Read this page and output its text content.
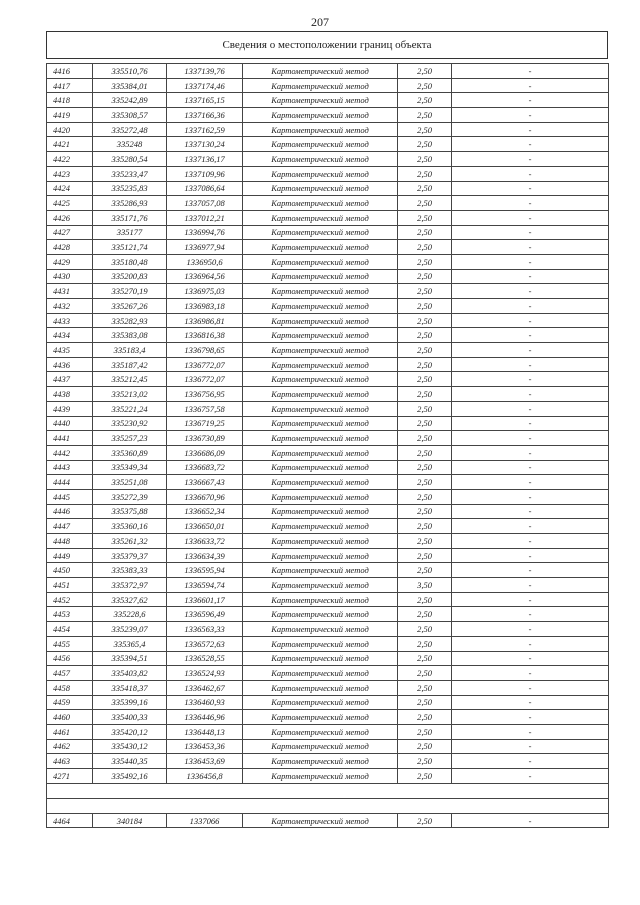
207
Сведения о местоположении границ объекта
4416	335510,76	1337139,76	Картометрический метод	2,50	-
4417	335384,01	1337174,46	Картометрический метод	2,50	-
4418	335242,89	1337165,15	Картометрический метод	2,50	-
4419	335308,57	1337166,36	Картометрический метод	2,50	-
4420	335272,48	1337162,59	Картометрический метод	2,50	-
4421	335248	1337130,24	Картометрический метод	2,50	-
4422	335280,54	1337136,17	Картометрический метод	2,50	-
4423	335233,47	1337109,96	Картометрический метод	2,50	-
4424	335235,83	1337086,64	Картометрический метод	2,50	-
4425	335286,93	1337057,08	Картометрический метод	2,50	-
4426	335171,76	1337012,21	Картометрический метод	2,50	-
4427	335177	1336994,76	Картометрический метод	2,50	-
4428	335121,74	1336977,94	Картометрический метод	2,50	-
4429	335180,48	1336950,6	Картометрический метод	2,50	-
4430	335200,83	1336964,56	Картометрический метод	2,50	-
4431	335270,19	1336975,03	Картометрический метод	2,50	-
4432	335267,26	1336983,18	Картометрический метод	2,50	-
4433	335282,93	1336986,81	Картометрический метод	2,50	-
4434	335383,08	1336816,38	Картометрический метод	2,50	-
4435	335183,4	1336798,65	Картометрический метод	2,50	-
4436	335187,42	1336772,07	Картометрический метод	2,50	-
4437	335212,45	1336772,07	Картометрический метод	2,50	-
4438	335213,02	1336756,95	Картометрический метод	2,50	-
4439	335221,24	1336757,58	Картометрический метод	2,50	-
4440	335230,92	1336719,25	Картометрический метод	2,50	-
4441	335257,23	1336730,89	Картометрический метод	2,50	-
4442	335360,89	1336686,09	Картометрический метод	2,50	-
4443	335349,34	1336683,72	Картометрический метод	2,50	-
4444	335251,08	1336667,43	Картометрический метод	2,50	-
4445	335272,39	1336670,96	Картометрический метод	2,50	-
4446	335375,88	1336652,34	Картометрический метод	2,50	-
4447	335360,16	1336650,01	Картометрический метод	2,50	-
4448	335261,32	1336633,72	Картометрический метод	2,50	-
4449	335379,37	1336634,39	Картометрический метод	2,50	-
4450	335383,33	1336595,94	Картометрический метод	2,50	-
4451	335372,97	1336594,74	Картометрический метод	3,50	-
4452	335327,62	1336601,17	Картометрический метод	2,50	-
4453	335228,6	1336596,49	Картометрический метод	2,50	-
4454	335239,07	1336563,33	Картометрический метод	2,50	-
4455	335365,4	1336572,63	Картометрический метод	2,50	-
4456	335394,51	1336528,55	Картометрический метод	2,50	-
4457	335403,82	1336524,93	Картометрический метод	2,50	-
4458	335418,37	1336462,67	Картометрический метод	2,50	-
4459	335399,16	1336460,93	Картометрический метод	2,50	-
4460	335400,33	1336446,96	Картометрический метод	2,50	-
4461	335420,12	1336448,13	Картометрический метод	2,50	-
4462	335430,12	1336453,36	Картометрический метод	2,50	-
4463	335440,35	1336453,69	Картометрический метод	2,50	-
4271	335492,16	1336456,8	Картометрический метод	2,50	-

4464	340184	1337066	Картометрический метод	2,50	-
